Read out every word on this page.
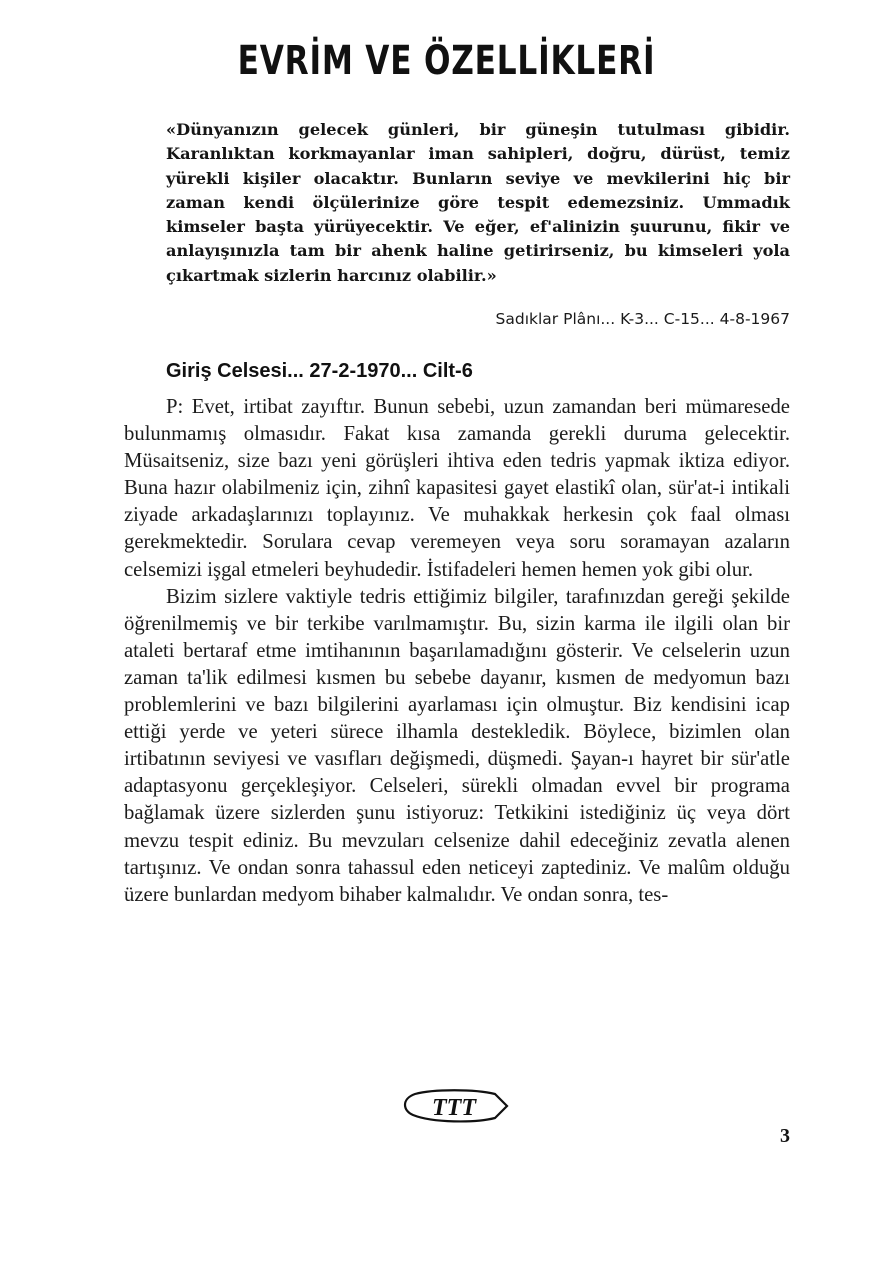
EVRİM VE ÖZELLİKLERİ

«Dünyanızın gelecek günleri, bir güneşin tutulması gibidir. Karanlıktan korkmayanlar iman sahipleri, doğru, dürüst, temiz yürekli kişiler olacaktır. Bunların seviye ve mevkilerini hiç bir zaman kendi ölçülerinize göre tespit edemezsiniz. Ummadık kimseler başta yürüyecektir. Ve eğer, ef'alinizin şuurunu, fikir ve anlayışınızla tam bir ahenk haline getirirseniz, bu kimseleri yola çıkartmak sizlerin harcınız olabilir.»

Sadıklar Plânı... K-3... C-15... 4-8-1967
Giriş Celsesi... 27-2-1970... Cilt-6

P: Evet, irtibat zayıftır. Bunun sebebi, uzun zamandan beri mümaresede bulunmamış olmasıdır. Fakat kısa zamanda gerekli duruma gelecektir. Müsaitseniz, size bazı yeni görüşleri ihtiva eden tedris yapmak iktiza ediyor. Buna hazır olabilmeniz için, zihnî kapasitesi gayet elastikî olan, sür'at-i intikali ziyade arkadaşlarınızı toplayınız. Ve muhakkak herkesin çok faal olması gerekmektedir. Sorulara cevap veremeyen veya soru soramayan azaların celsemizi işgal etmeleri beyhudedir. İstifadeleri hemen hemen yok gibi olur.

Bizim sizlere vaktiyle tedris ettiğimiz bilgiler, tarafınızdan gereği şekilde öğrenilmemiş ve bir terkibe varılmamıştır. Bu, sizin karma ile ilgili olan bir ataleti bertaraf etme imtihanının başarılamadığını gösterir. Ve celselerin uzun zaman ta'lik edilmesi kısmen bu sebebe dayanır, kısmen de medyomun bazı problemlerini ve bazı bilgilerini ayarlaması için olmuştur. Biz kendisini icap ettiği yerde ve yeteri sürece ilhamla destekledik. Böylece, bizimlen olan irtibatının seviyesi ve vasıfları değişmedi, düşmedi. Şayan-ı hayret bir sür'atle adaptasyonu gerçekleşiyor. Celseleri, sürekli olmadan evvel bir programa bağlamak üzere sizlerden şunu istiyoruz: Tetkikini istediğiniz üç veya dört mevzu tespit ediniz. Bu mevzuları celsenize dahil edeceğiniz zevatla alenen tartışınız. Ve ondan sonra tahassul eden neticeyi zaptediniz. Ve malûm olduğu üzere bunlardan medyom bihaber kalmalıdır. Ve ondan sonra, tes-

TTT
3
